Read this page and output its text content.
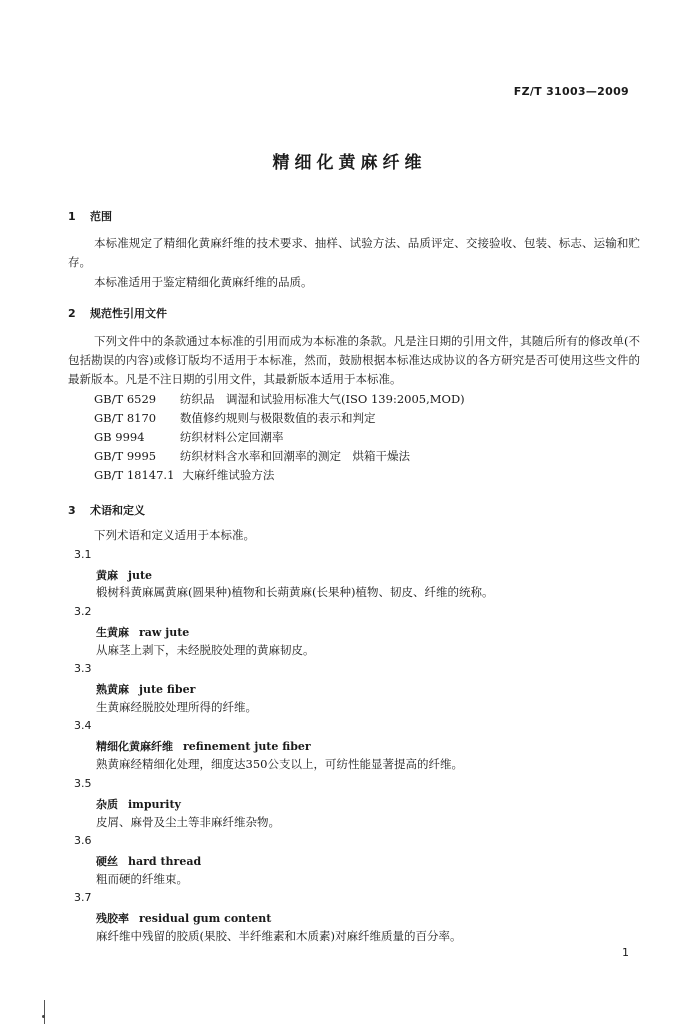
FZ/T 31003—2009
精细化黄麻纤维
1 范围
本标准规定了精细化黄麻纤维的技术要求、抽样、试验方法、品质评定、交接验收、包装、标志、运输和贮存。
本标准适用于鉴定精细化黄麻纤维的品质。
2 规范性引用文件
下列文件中的条款通过本标准的引用而成为本标准的条款。凡是注日期的引用文件，其随后所有的修改单(不包括勘误的内容)或修订版均不适用于本标准，然而，鼓励根据本标准达成协议的各方研究是否可使用这些文件的最新版本。凡是不注日期的引用文件，其最新版本适用于本标准。
GB/T 6529 纺织品　调湿和试验用标准大气(ISO 139:2005,MOD)
GB/T 8170 数值修约规则与极限数值的表示和判定
GB 9994	纺织材料公定回潮率
GB/T 9995 纺织材料含水率和回潮率的测定　烘箱干燥法
GB/T 18147.1 大麻纤维试验方法
3 术语和定义
下列术语和定义适用于本标准。
3.1
黄麻 jute
椴树科黄麻属黄麻(圆果种)植物和长蒴黄麻(长果种)植物、韧皮、纤维的统称。
3.2
生黄麻 raw jute
从麻茎上剥下，未经脱胶处理的黄麻韧皮。
3.3
熟黄麻 jute fiber
生黄麻经脱胶处理所得的纤维。
3.4
精细化黄麻纤维 refinement jute fiber
熟黄麻经精细化处理，细度达350公支以上，可纺性能显著提高的纤维。
3.5
杂质 impurity
皮屑、麻骨及尘土等非麻纤维杂物。
3.6
硬丝 hard thread
粗而硬的纤维束。
3.7
残胶率 residual gum content
麻纤维中残留的胶质(果胶、半纤维素和木质素)对麻纤维质量的百分率。
1
